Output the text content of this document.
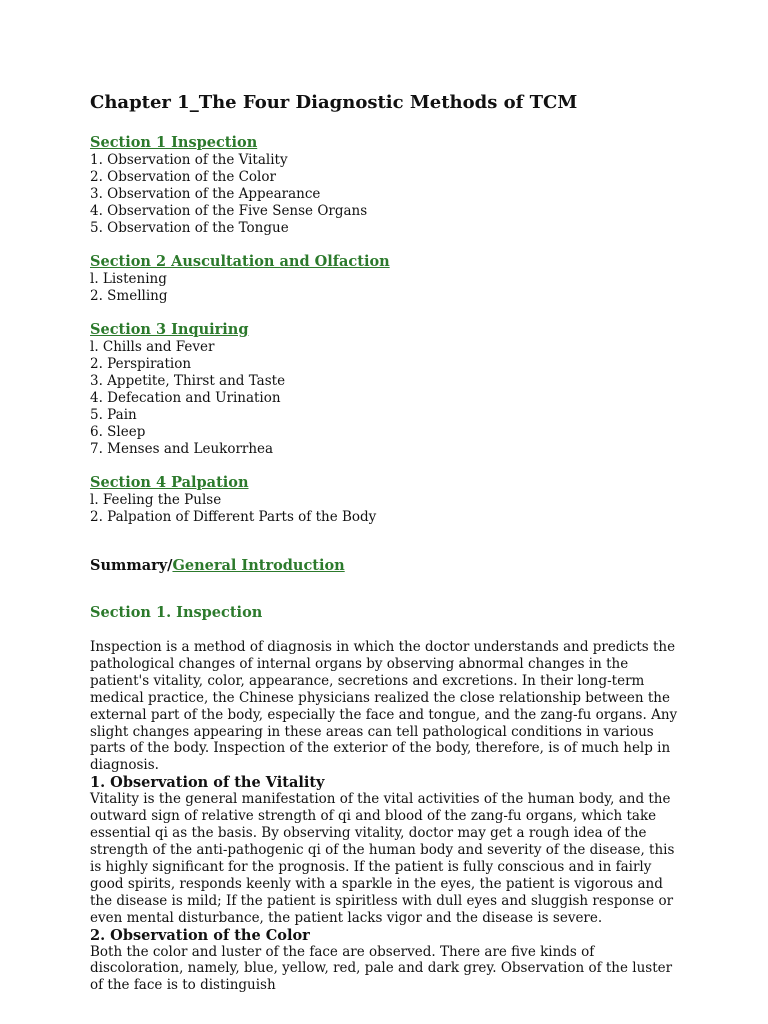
Chapter 1_The Four Diagnostic Methods of TCM
Section 1 Inspection
1. Observation of the Vitality
2. Observation of the Color
3. Observation of the Appearance
4. Observation of the Five Sense Organs
5. Observation of the Tongue
Section 2 Auscultation and Olfaction
l. Listening
2. Smelling
Section 3 Inquiring
l. Chills and Fever
2. Perspiration
3. Appetite, Thirst and Taste
4. Defecation and Urination
5. Pain
6. Sleep
7. Menses and Leukorrhea
Section 4 Palpation
l. Feeling the Pulse
2. Palpation of Different Parts of the Body
Summary/General Introduction
Section 1. Inspection

Inspection is a method of diagnosis in which the doctor understands and predicts the pathological changes of internal organs by observing abnormal changes in the patient's vitality, color, appearance, secretions and excretions. In their long-term medical practice, the Chinese physicians realized the close relationship between the external part of the body, especially the face and tongue, and the zang-fu organs. Any slight changes appearing in these areas can tell pathological conditions in various parts of the body. Inspection of the exterior of the body, therefore, is of much help in diagnosis.

1. Observation of the Vitality

Vitality is the general manifestation of the vital activities of the human body, and the outward sign of relative strength of qi and blood of the zang-fu organs, which take essential qi as the basis. By observing vitality, doctor may get a rough idea of the strength of the anti-pathogenic qi of the human body and severity of the disease, this is highly significant for the prognosis. If the patient is fully conscious and in fairly good spirits, responds keenly with a sparkle in the eyes, the patient is vigorous and the disease is mild; If the patient is spiritless with dull eyes and sluggish response or even mental disturbance, the patient lacks vigor and the disease is severe.

2. Observation of the Color

Both the color and luster of the face are observed. There are five kinds of discoloration, namely, blue, yellow, red, pale and dark grey. Observation of the luster of the face is to distinguish
